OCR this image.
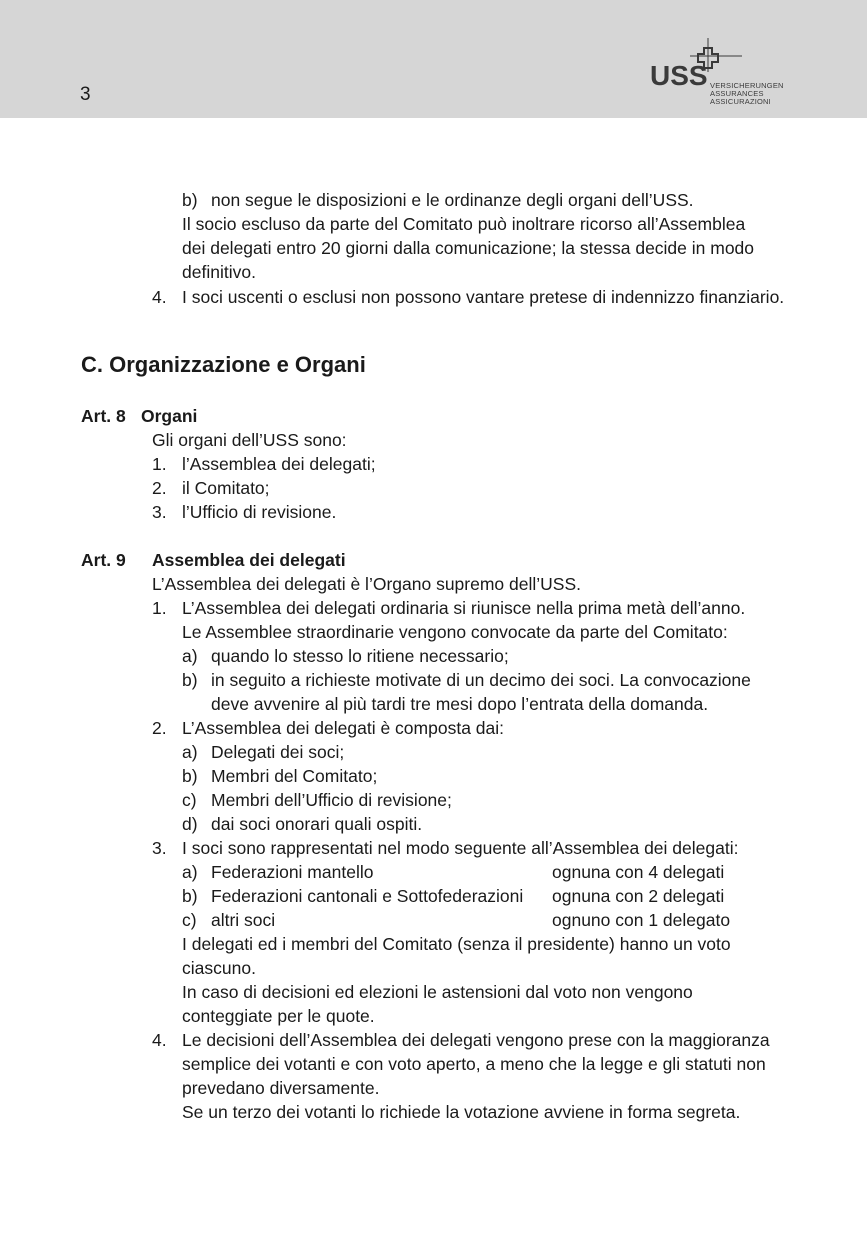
3
USS VERSICHERUNGEN
ASSURANCES
ASSICURAZIONI
b) non segue le disposizioni e le ordinanze degli organi dell’USS.
Il socio escluso da parte del Comitato può inoltrare ricorso all’Assemblea
dei delegati entro 20 giorni dalla comunicazione; la stessa decide in modo
definitivo.
4. I soci uscenti o esclusi non possono vantare pretese di indennizzo finanziario.
C. Organizzazione e Organi
Art. 8 Organi
Gli organi dell’USS sono:
1. l’Assemblea dei delegati;
2. il Comitato;
3. l’Ufficio di revisione.
Art. 9 Assemblea dei delegati
L’Assemblea dei delegati è l’Organo supremo dell’USS.
1. L’Assemblea dei delegati ordinaria si riunisce nella prima metà dell’anno.
Le Assemblee straordinarie vengono convocate da parte del Comitato:
a) quando lo stesso lo ritiene necessario;
b) in seguito a richieste motivate di un decimo dei soci. La convocazione
deve avvenire al più tardi tre mesi dopo l’entrata della domanda.
2. L’Assemblea dei delegati è composta dai:
a) Delegati dei soci;
b) Membri del Comitato;
c) Membri dell’Ufficio di revisione;
d) dai soci onorari quali ospiti.
3. I soci sono rappresentati nel modo seguente all’Assemblea dei delegati:
a) Federazioni mantello	ognuna con 4 delegati
b) Federazioni cantonali e Sottofederazioni ognuna con 2 delegati
c) altri soci	ognuno con 1 delegato
I delegati ed i membri del Comitato (senza il presidente) hanno un voto
ciascuno.
In caso di decisioni ed elezioni le astensioni dal voto non vengono
conteggiate per le quote.
4. Le decisioni dell’Assemblea dei delegati vengono prese con la maggioranza
semplice dei votanti e con voto aperto, a meno che la legge e gli statuti non
prevedano diversamente.
Se un terzo dei votanti lo richiede la votazione avviene in forma segreta.
